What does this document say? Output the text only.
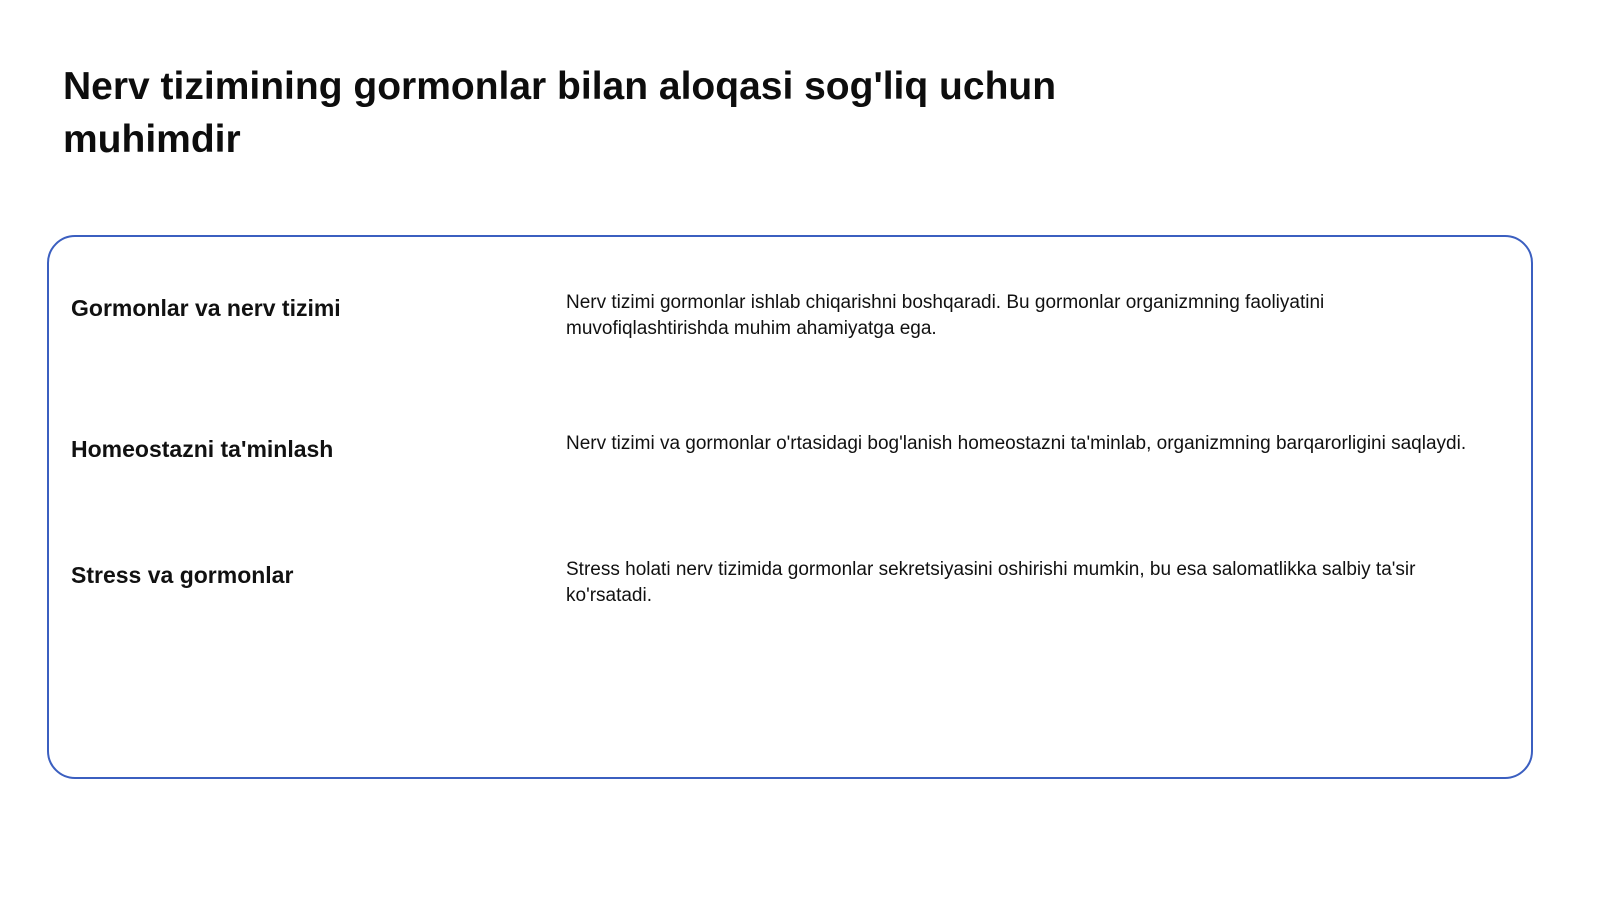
Nerv tizimining gormonlar bilan aloqasi sog'liq uchun muhimdir
Gormonlar va nerv tizimi	Nerv tizimi gormonlar ishlab chiqarishni boshqaradi. Bu gormonlar organizmning faoliyatini muvofiqlashtirishda muhim ahamiyatga ega.
Homeostazni ta'minlash	Nerv tizimi va gormonlar o'rtasidagi bog'lanish homeostazni ta'minlab, organizmning barqarorligini saqlaydi.
Stress va gormonlar	Stress holati nerv tizimida gormonlar sekretsiyasini oshirishi mumkin, bu esa salomatlikka salbiy ta'sir ko'rsatadi.
